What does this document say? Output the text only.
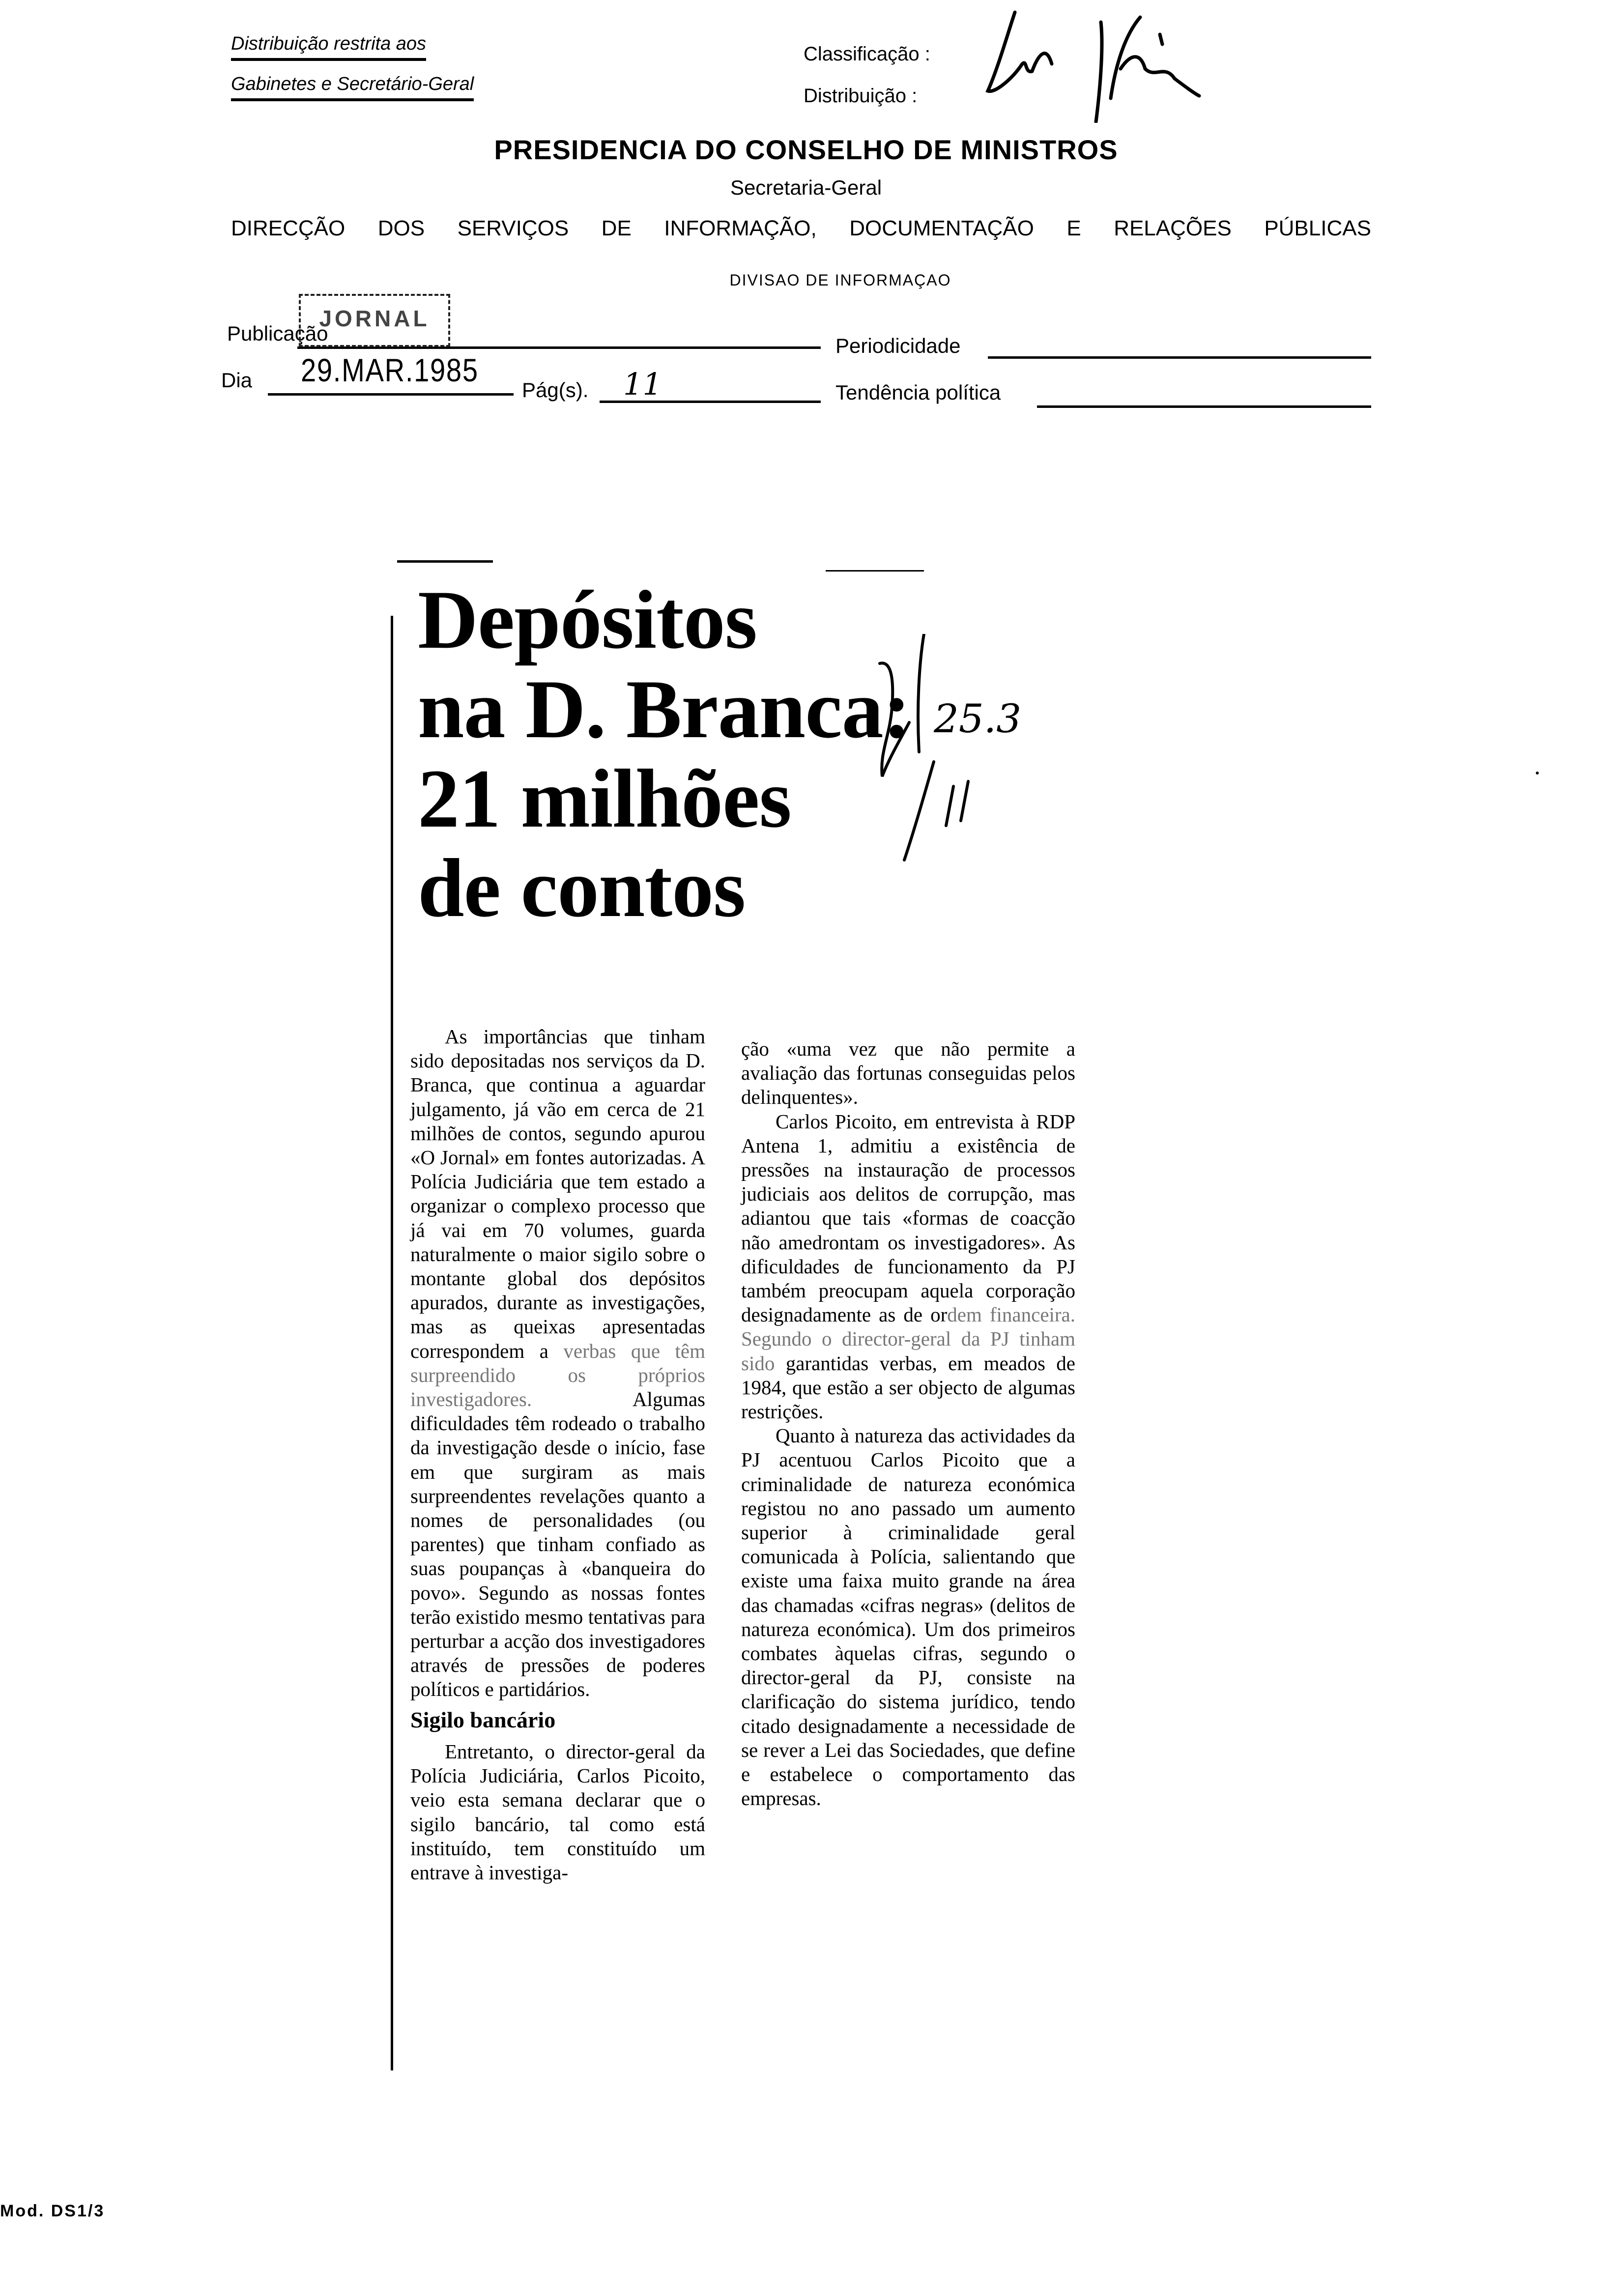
Distribuição restrita aos
Gabinetes e Secretário-Geral
Classificação :
Distribuição :
PRESIDENCIA DO CONSELHO DE MINISTROS
Secretaria-Geral
DIRECÇÃO DOS SERVIÇOS DE INFORMAÇÃO, DOCUMENTAÇÃO E RELAÇÕES PÚBLICAS
DIVISAO DE INFORMAÇAO
Publicação
JORNAL
Periodicidade
Dia 29.MAR.1985
Pág(s). 11	Tendência política
Depósitos
na D. Branca:
21 milhões
de contos
25.3

As importâncias que tinham sido depositadas nos serviços da D. Branca, que continua a aguardar julgamento, já vão em cerca de 21 milhões de contos, segundo apurou «O Jornal» em fontes autorizadas. A Polícia Judiciária que tem estado a organizar o complexo processo que já vai em 70 volumes, guarda naturalmente o maior sigilo sobre o montante global dos depósitos apurados, durante as investigações, mas as queixas apresentadas correspondem a verbas que têm surpreendido os próprios investigadores. Algumas dificuldades têm rodeado o trabalho da investigação desde o início, fase em que surgiram as mais surpreendentes revelações quanto a nomes de personalidades (ou parentes) que tinham confiado as suas poupanças à «banqueira do povo». Segundo as nossas fontes terão existido mesmo tentativas para perturbar a acção dos investigadores através de pressões de poderes políticos e partidários.

Sigilo bancário

Entretanto, o director-geral da Polícia Judiciária, Carlos Picoito, veio esta semana declarar que o sigilo bancário, tal como está instituído, tem constituído um entrave à investiga-

ção «uma vez que não permite a avaliação das fortunas conseguidas pelos delinquentes».

Carlos Picoito, em entrevista à RDP Antena 1, admitiu a existência de pressões na instauração de processos judiciais aos delitos de corrupção, mas adiantou que tais «formas de coacção não amedrontam os investigadores». As dificuldades de funcionamento da PJ também preocupam aquela corporação designadamente as de ordem financeira. Segundo o director-geral da PJ tinham sido garantidas verbas, em meados de 1984, que estão a ser objecto de algumas restrições.

Quanto à natureza das actividades da PJ acentuou Carlos Picoito que a criminalidade de natureza económica registou no ano passado um aumento superior à criminalidade geral comunicada à Polícia, salientando que existe uma faixa muito grande na área das chamadas «cifras negras» (delitos de natureza económica). Um dos primeiros combates àquelas cifras, segundo o director-geral da PJ, consiste na clarificação do sistema jurídico, tendo citado designadamente a necessidade de se rever a Lei das Sociedades, que define e estabelece o comportamento das empresas.

Mod. DS1/3
